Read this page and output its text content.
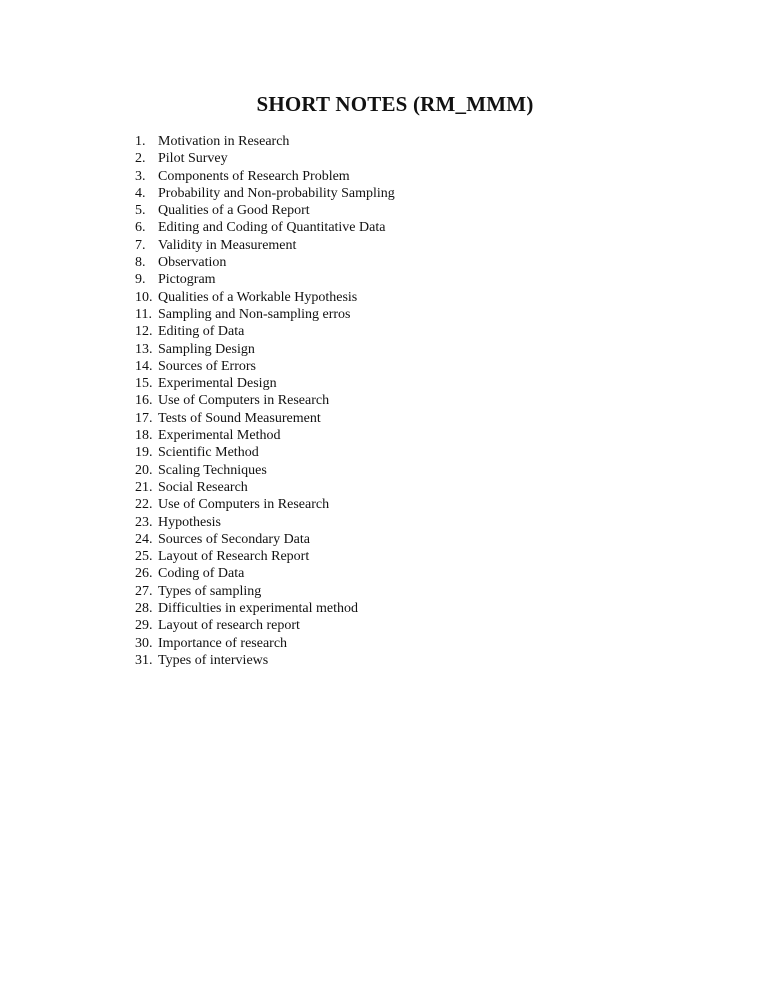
SHORT NOTES (RM_MMM)
1. Motivation in Research
2. Pilot Survey
3. Components of Research Problem
4. Probability and Non-probability Sampling
5. Qualities of a Good Report
6. Editing and Coding of Quantitative Data
7. Validity in Measurement
8. Observation
9. Pictogram
10. Qualities of a Workable Hypothesis
11. Sampling and Non-sampling erros
12. Editing of Data
13. Sampling Design
14. Sources of Errors
15. Experimental Design
16. Use of Computers in Research
17. Tests of Sound Measurement
18. Experimental Method
19. Scientific Method
20. Scaling Techniques
21. Social Research
22. Use of Computers in Research
23. Hypothesis
24. Sources of Secondary Data
25. Layout of Research Report
26. Coding of Data
27. Types of sampling
28. Difficulties in experimental method
29. Layout of research report
30. Importance of research
31. Types of interviews
